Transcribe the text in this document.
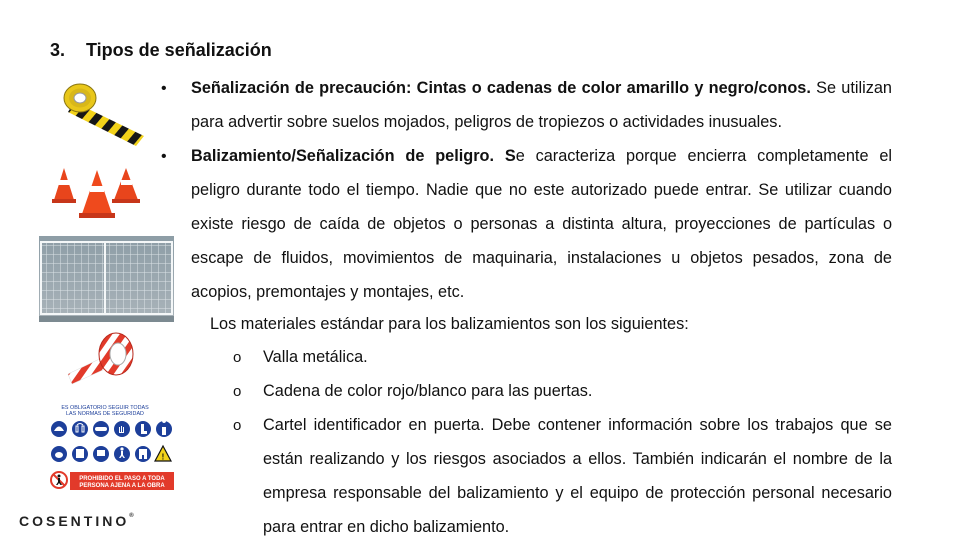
3. Tipos de señalización
• Señalización de precaución: Cintas o cadenas de color amarillo y negro/conos. Se utilizan para advertir sobre suelos mojados, peligros de tropiezos o actividades inusuales.
• Balizamiento/Señalización de peligro. Se caracteriza porque encierra completamente el peligro durante todo el tiempo. Nadie que no este autorizado puede entrar. Se utilizar cuando existe riesgo de caída de objetos o personas a distinta altura, proyecciones de partículas o escape de fluidos, movimientos de maquinaria, instalaciones u objetos pesados, zona de acopios, premontajes y montajes, etc.
Los materiales estándar para los balizamientos son los siguientes:
o Valla metálica.
o Cadena de color rojo/blanco para las puertas.
o Cartel identificador en puerta. Debe contener información sobre los trabajos que se están realizando y los riesgos asociados a ellos. También indicarán el nombre de la empresa responsable del balizamiento y el equipo de protección personal necesario para entrar en dicho balizamiento.
ES OBLIGATORIO SEGUIR TODAS
LAS NORMAS DE SEGURIDAD
!
PROHIBIDO EL PASO A TODA
PERSONA AJENA A LA OBRA
COSENTINO®
